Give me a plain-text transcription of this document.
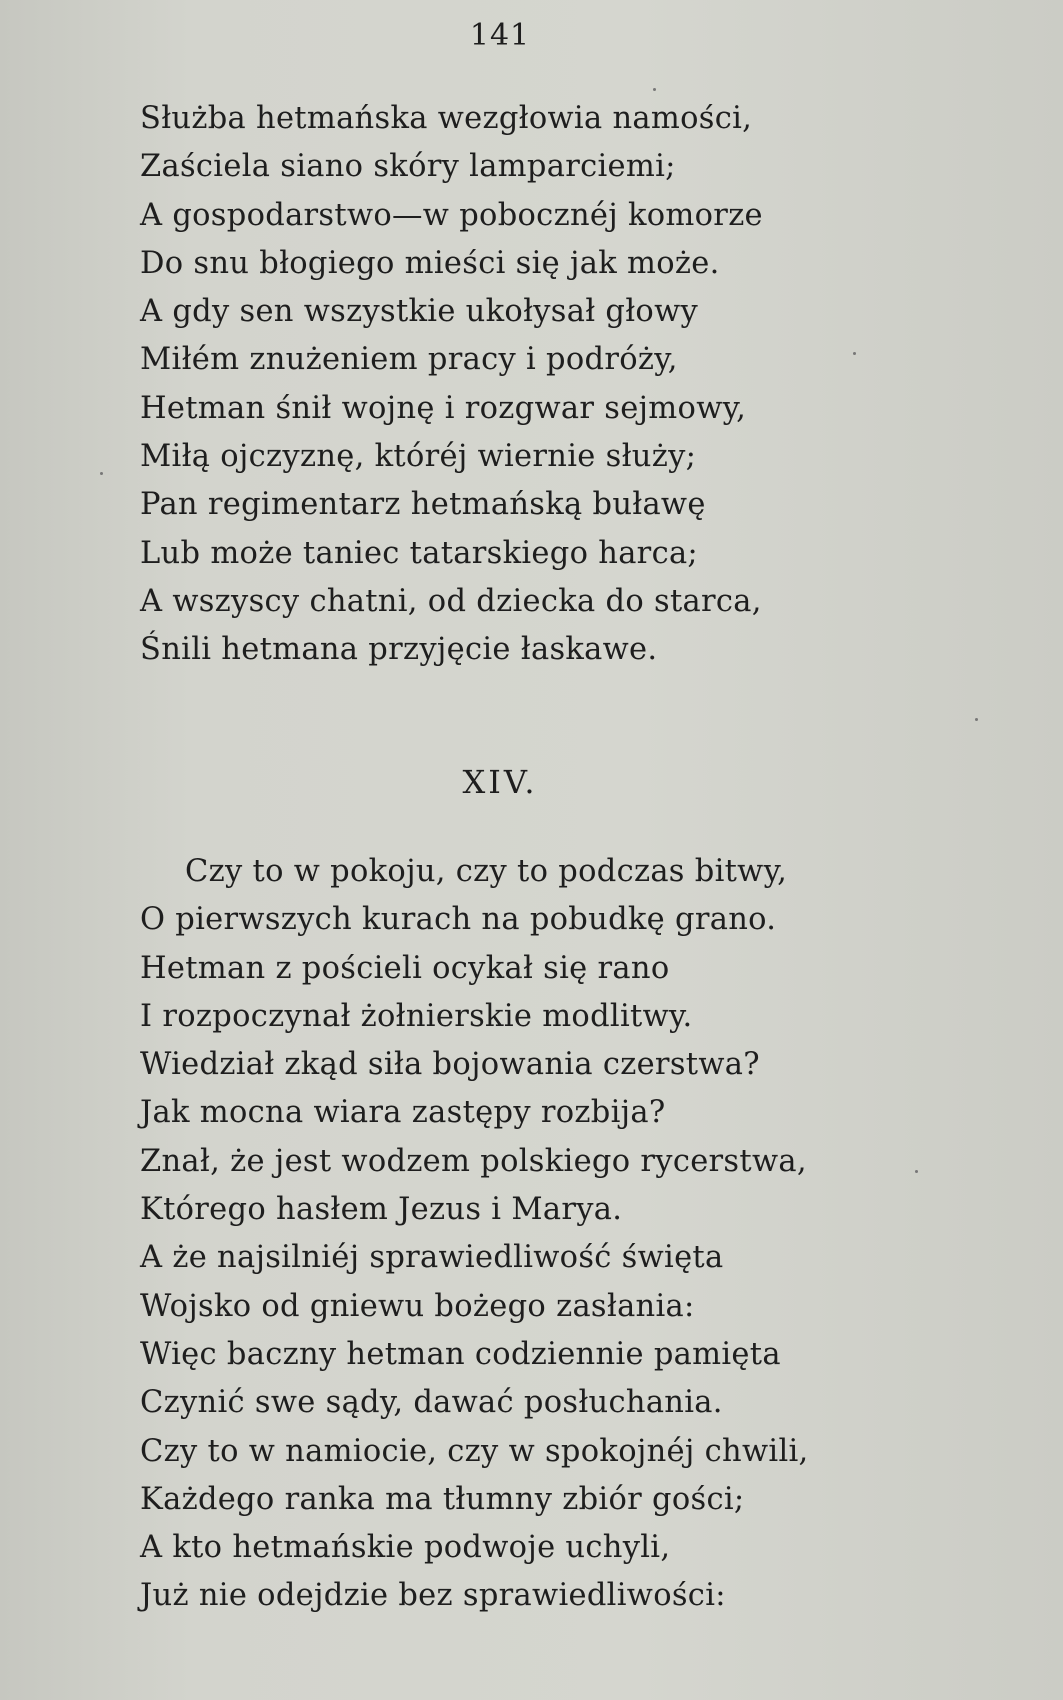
141
Służba hetmańska wezgłowia namości,
Zaściela siano skóry lamparciemi;
A gospodarstwo—w pobocznéj komorze
Do snu błogiego mieści się jak może.
A gdy sen wszystkie ukołysał głowy
Miłém znużeniem pracy i podróży,
Hetman śnił wojnę i rozgwar sejmowy,
Miłą ojczyznę, któréj wiernie służy;
Pan regimentarz hetmańską buławę
Lub może taniec tatarskiego harca;
A wszyscy chatni, od dziecka do starca,
Śnili hetmana przyjęcie łaskawe.
XIV.
Czy to w pokoju, czy to podczas bitwy,
O pierwszych kurach na pobudkę grano.
Hetman z pościeli ocykał się rano
I rozpoczynał żołnierskie modlitwy.
Wiedział zkąd siła bojowania czerstwa?
Jak mocna wiara zastępy rozbija?
Znał, że jest wodzem polskiego rycerstwa,
Którego hasłem Jezus i Marya.
A że najsilniéj sprawiedliwość święta
Wojsko od gniewu bożego zasłania:
Więc baczny hetman codziennie pamięta
Czynić swe sądy, dawać posłuchania.
Czy to w namiocie, czy w spokojnéj chwili,
Każdego ranka ma tłumny zbiór gości;
A kto hetmańskie podwoje uchyli,
Już nie odejdzie bez sprawiedliwości:
